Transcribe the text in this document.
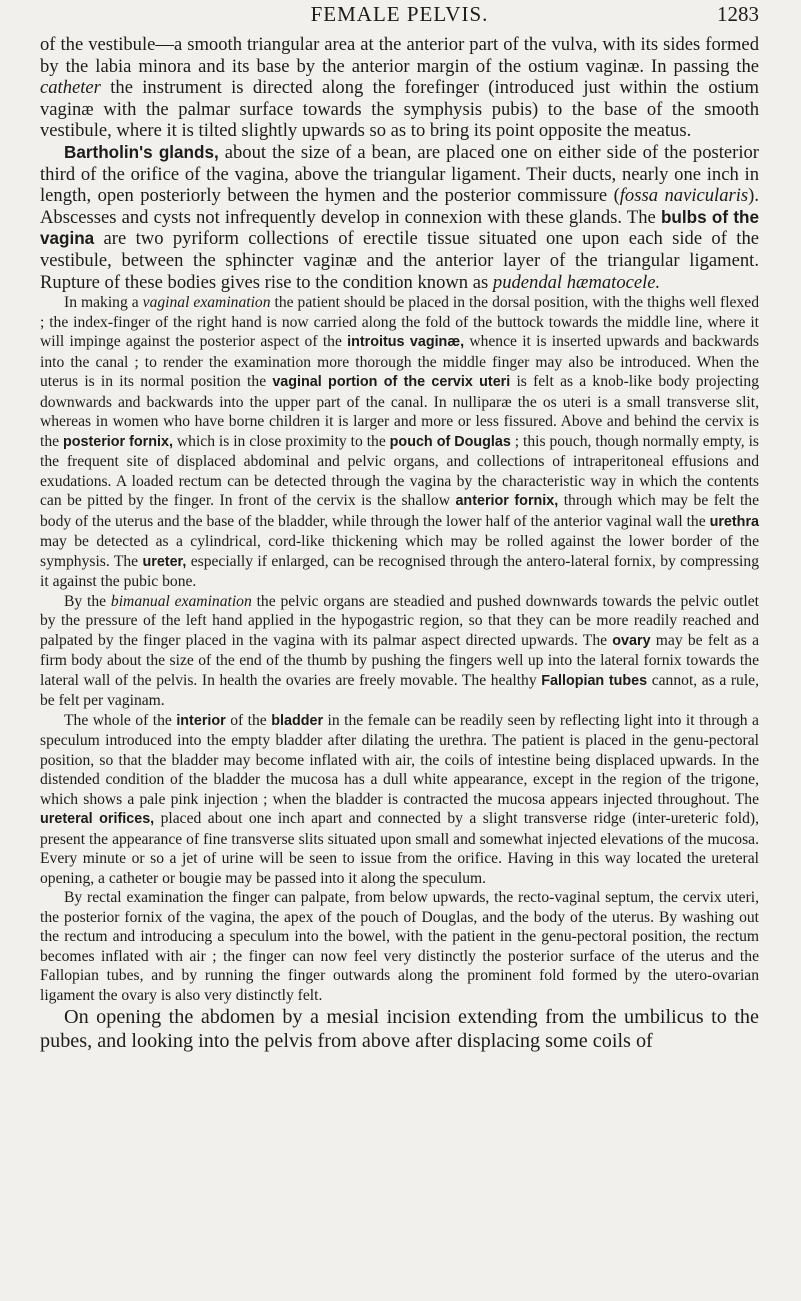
FEMALE PELVIS.	1283

of the vestibule—a smooth triangular area at the anterior part of the vulva, with its sides formed by the labia minora and its base by the anterior margin of the ostium vaginæ. In passing the catheter the instrument is directed along the forefinger (introduced just within the ostium vaginæ with the palmar surface towards the symphysis pubis) to the base of the smooth vestibule, where it is tilted slightly upwards so as to bring its point opposite the meatus.

Bartholin's glands, about the size of a bean, are placed one on either side of the posterior third of the orifice of the vagina, above the triangular ligament. Their ducts, nearly one inch in length, open posteriorly between the hymen and the posterior commissure (fossa navicularis). Abscesses and cysts not infrequently develop in connexion with these glands. The bulbs of the vagina are two pyriform collections of erectile tissue situated one upon each side of the vestibule, between the sphincter vaginæ and the anterior layer of the triangular ligament. Rupture of these bodies gives rise to the condition known as pudendal hæmatocele.

In making a vaginal examination the patient should be placed in the dorsal position, with the thighs well flexed ; the index-finger of the right hand is now carried along the fold of the buttock towards the middle line, where it will impinge against the posterior aspect of the introitus vaginæ, whence it is inserted upwards and backwards into the canal ; to render the examination more thorough the middle finger may also be introduced. When the uterus is in its normal position the vaginal portion of the cervix uteri is felt as a knob-like body projecting downwards and backwards into the upper part of the canal. In nulliparæ the os uteri is a small transverse slit, whereas in women who have borne children it is larger and more or less fissured. Above and behind the cervix is the posterior fornix, which is in close proximity to the pouch of Douglas ; this pouch, though normally empty, is the frequent site of displaced abdominal and pelvic organs, and collections of intraperitoneal effusions and exudations. A loaded rectum can be detected through the vagina by the characteristic way in which the contents can be pitted by the finger. In front of the cervix is the shallow anterior fornix, through which may be felt the body of the uterus and the base of the bladder, while through the lower half of the anterior vaginal wall the urethra may be detected as a cylindrical, cord-like thickening which may be rolled against the lower border of the symphysis. The ureter, especially if enlarged, can be recognised through the antero-lateral fornix, by compressing it against the pubic bone.

By the bimanual examination the pelvic organs are steadied and pushed downwards towards the pelvic outlet by the pressure of the left hand applied in the hypogastric region, so that they can be more readily reached and palpated by the finger placed in the vagina with its palmar aspect directed upwards. The ovary may be felt as a firm body about the size of the end of the thumb by pushing the fingers well up into the lateral fornix towards the lateral wall of the pelvis. In health the ovaries are freely movable. The healthy Fallopian tubes cannot, as a rule, be felt per vaginam.

The whole of the interior of the bladder in the female can be readily seen by reflecting light into it through a speculum introduced into the empty bladder after dilating the urethra. The patient is placed in the genu-pectoral position, so that the bladder may become inflated with air, the coils of intestine being displaced upwards. In the distended condition of the bladder the mucosa has a dull white appearance, except in the region of the trigone, which shows a pale pink injection ; when the bladder is contracted the mucosa appears injected throughout. The ureteral orifices, placed about one inch apart and connected by a slight transverse ridge (inter-ureteric fold), present the appearance of fine transverse slits situated upon small and somewhat injected elevations of the mucosa. Every minute or so a jet of urine will be seen to issue from the orifice. Having in this way located the ureteral opening, a catheter or bougie may be passed into it along the speculum.

By rectal examination the finger can palpate, from below upwards, the recto-vaginal septum, the cervix uteri, the posterior fornix of the vagina, the apex of the pouch of Douglas, and the body of the uterus. By washing out the rectum and introducing a speculum into the bowel, with the patient in the genu-pectoral position, the rectum becomes inflated with air ; the finger can now feel very distinctly the posterior surface of the uterus and the Fallopian tubes, and by running the finger outwards along the prominent fold formed by the utero-ovarian ligament the ovary is also very distinctly felt.

On opening the abdomen by a mesial incision extending from the umbilicus to the pubes, and looking into the pelvis from above after displacing some coils of
